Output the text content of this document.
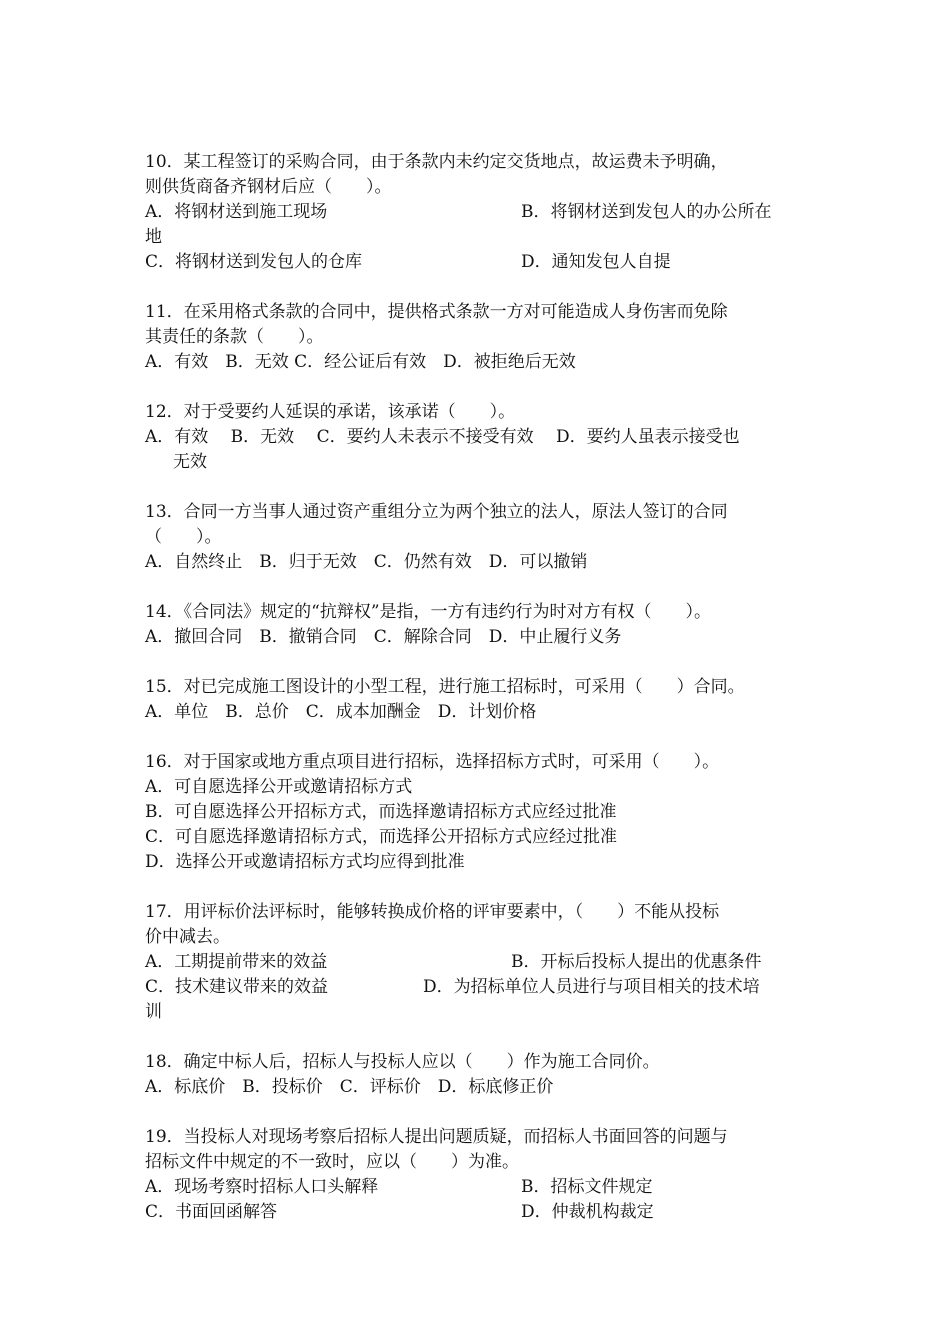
10．某工程签订的采购合同，由于条款内未约定交货地点，故运费未予明确，

则供货商备齐钢材后应（　　）。

A．将钢材送到施工现场	B．将钢材送到发包人的办公所在

地

C．将钢材送到发包人的仓库	D．通知发包人自提

11．在采用格式条款的合同中，提供格式条款一方对可能造成人身伤害而免除

其责任的条款（　　）。

A．有效　B．无效 C．经公证后有效　D．被拒绝后无效

12．对于受要约人延误的承诺，该承诺（　　）。

A．有效　 B．无效　 C．要约人未表示不接受有效　 D．要约人虽表示接受也

无效

13．合同一方当事人通过资产重组分立为两个独立的法人，原法人签订的合同

（　　）。

A．自然终止　B．归于无效　C．仍然有效　D．可以撤销

14．《合同法》规定的“抗辩权”是指，一方有违约行为时对方有权（　　）。

A．撤回合同　B．撤销合同　C．解除合同　D．中止履行义务

15．对已完成施工图设计的小型工程，进行施工招标时，可采用（　　）合同。

A．单位　B．总价　C．成本加酬金　D．计划价格

16．对于国家或地方重点项目进行招标，选择招标方式时，可采用（　　）。

A．可自愿选择公开或邀请招标方式

B．可自愿选择公开招标方式，而选择邀请招标方式应经过批准

C．可自愿选择邀请招标方式，而选择公开招标方式应经过批准

D．选择公开或邀请招标方式均应得到批准

17．用评标价法评标时，能够转换成价格的评审要素中，（　　）不能从投标

价中减去。

A．工期提前带来的效益	B．开标后投标人提出的优惠条件
C．技术建议带来的效益	D．为招标单位人员进行与项目相关的技术培

训

18．确定中标人后，招标人与投标人应以（　　）作为施工合同价。

A．标底价　B．投标价　C．评标价　D．标底修正价

19．当投标人对现场考察后招标人提出问题质疑，而招标人书面回答的问题与

招标文件中规定的不一致时，应以（　　）为准。

A．现场考察时招标人口头解释	B．招标文件规定
C．书面回函解答	D．仲裁机构裁定
